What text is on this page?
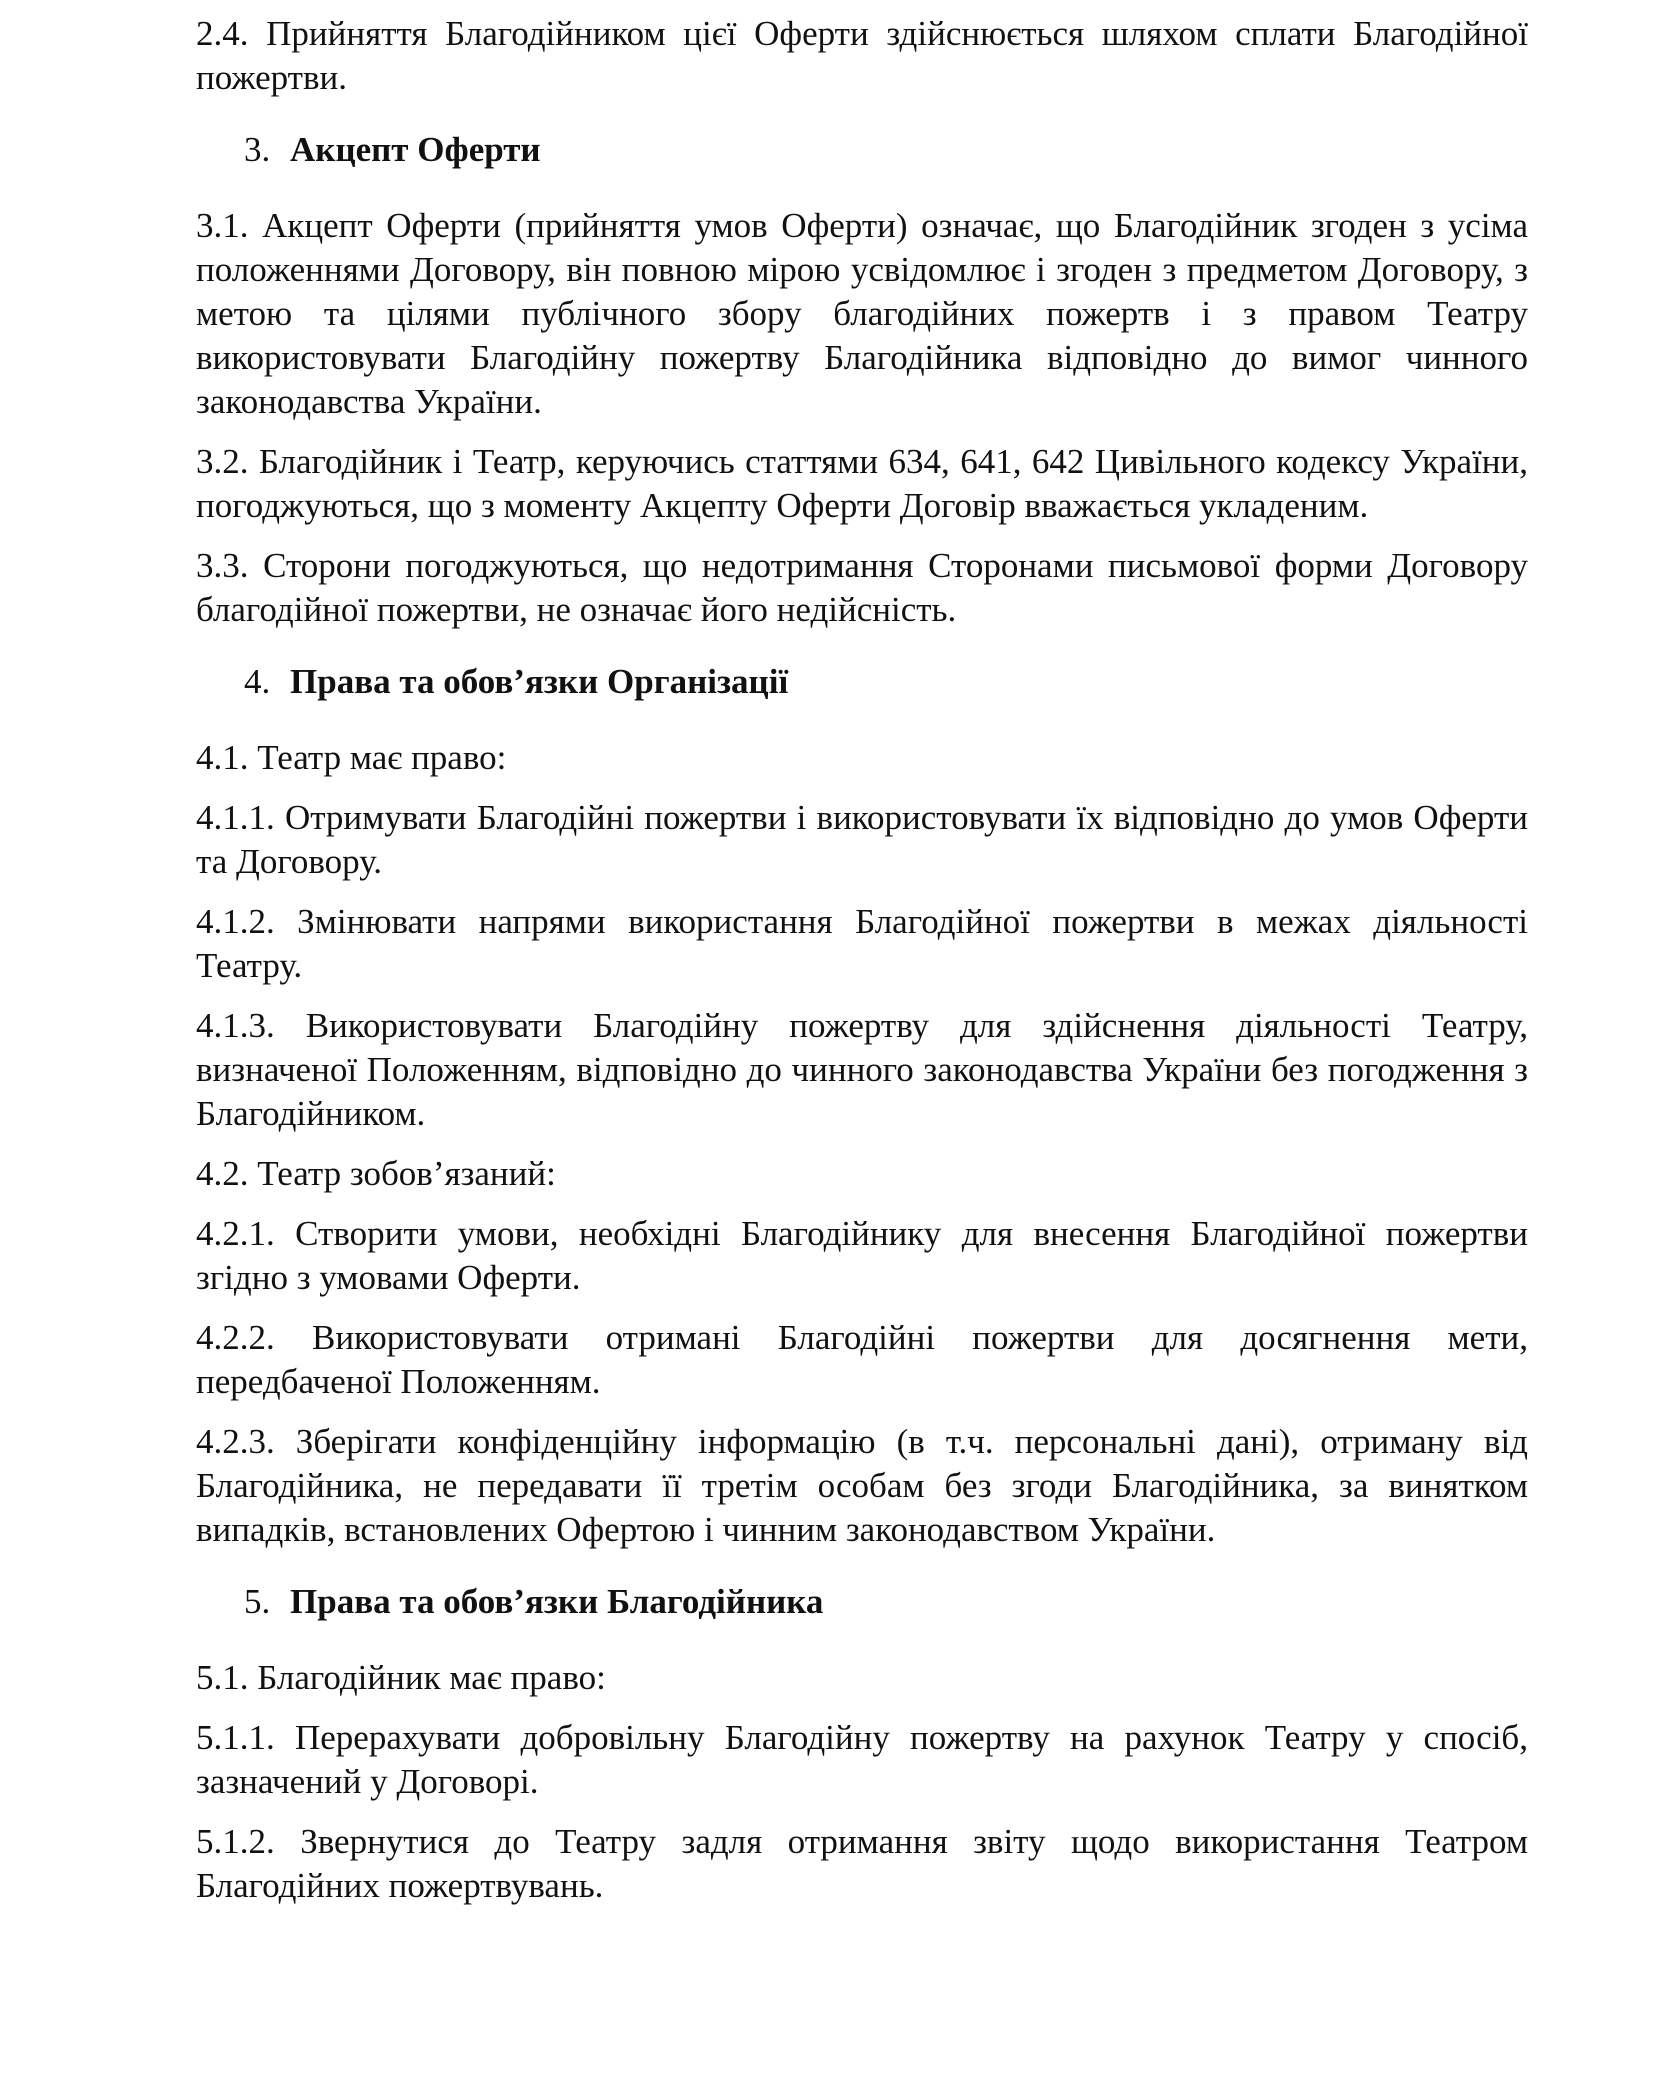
2.4. Прийняття Благодійником цієї Оферти здійснюється шляхом сплати Благодійної пожертви.

3. Акцепт Оферти

3.1. Акцепт Оферти (прийняття умов Оферти) означає, що Благодійник згоден з усіма положеннями Договору, він повною мірою усвідомлює і згоден з предметом Договору, з метою та цілями публічного збору благодійних пожертв і з правом Театру використовувати Благодійну пожертву Благодійника відповідно до вимог чинного законодавства України.

3.2. Благодійник і Театр, керуючись статтями 634, 641, 642 Цивільного кодексу України, погоджуються, що з моменту Акцепту Оферти Договір вважається укладеним.

3.3. Сторони погоджуються, що недотримання Сторонами письмової форми Договору благодійної пожертви, не означає його недійсність.

4. Права та обов’язки Організації

4.1. Театр має право:

4.1.1. Отримувати Благодійні пожертви і використовувати їх відповідно до умов Оферти та Договору.

4.1.2. Змінювати напрями використання Благодійної пожертви в межах діяльності Театру.

4.1.3. Використовувати Благодійну пожертву для здійснення діяльності Театру, визначеної Положенням, відповідно до чинного законодавства України без погодження з Благодійником.

4.2. Театр зобов’язаний:

4.2.1. Створити умови, необхідні Благодійнику для внесення Благодійної пожертви згідно з умовами Оферти.

4.2.2. Використовувати отримані Благодійні пожертви для досягнення мети, передбаченої Положенням.

4.2.3. Зберігати конфіденційну інформацію (в т.ч. персональні дані), отриману від Благодійника, не передавати її третім особам без згоди Благодійника, за винятком випадків, встановлених Офертою і чинним законодавством України.

5. Права та обов’язки Благодійника

5.1. Благодійник має право:

5.1.1. Перерахувати добровільну Благодійну пожертву на рахунок Театру у спосіб, зазначений у Договорі.

5.1.2. Звернутися до Театру задля отримання звіту щодо використання Театром Благодійних пожертвувань.
